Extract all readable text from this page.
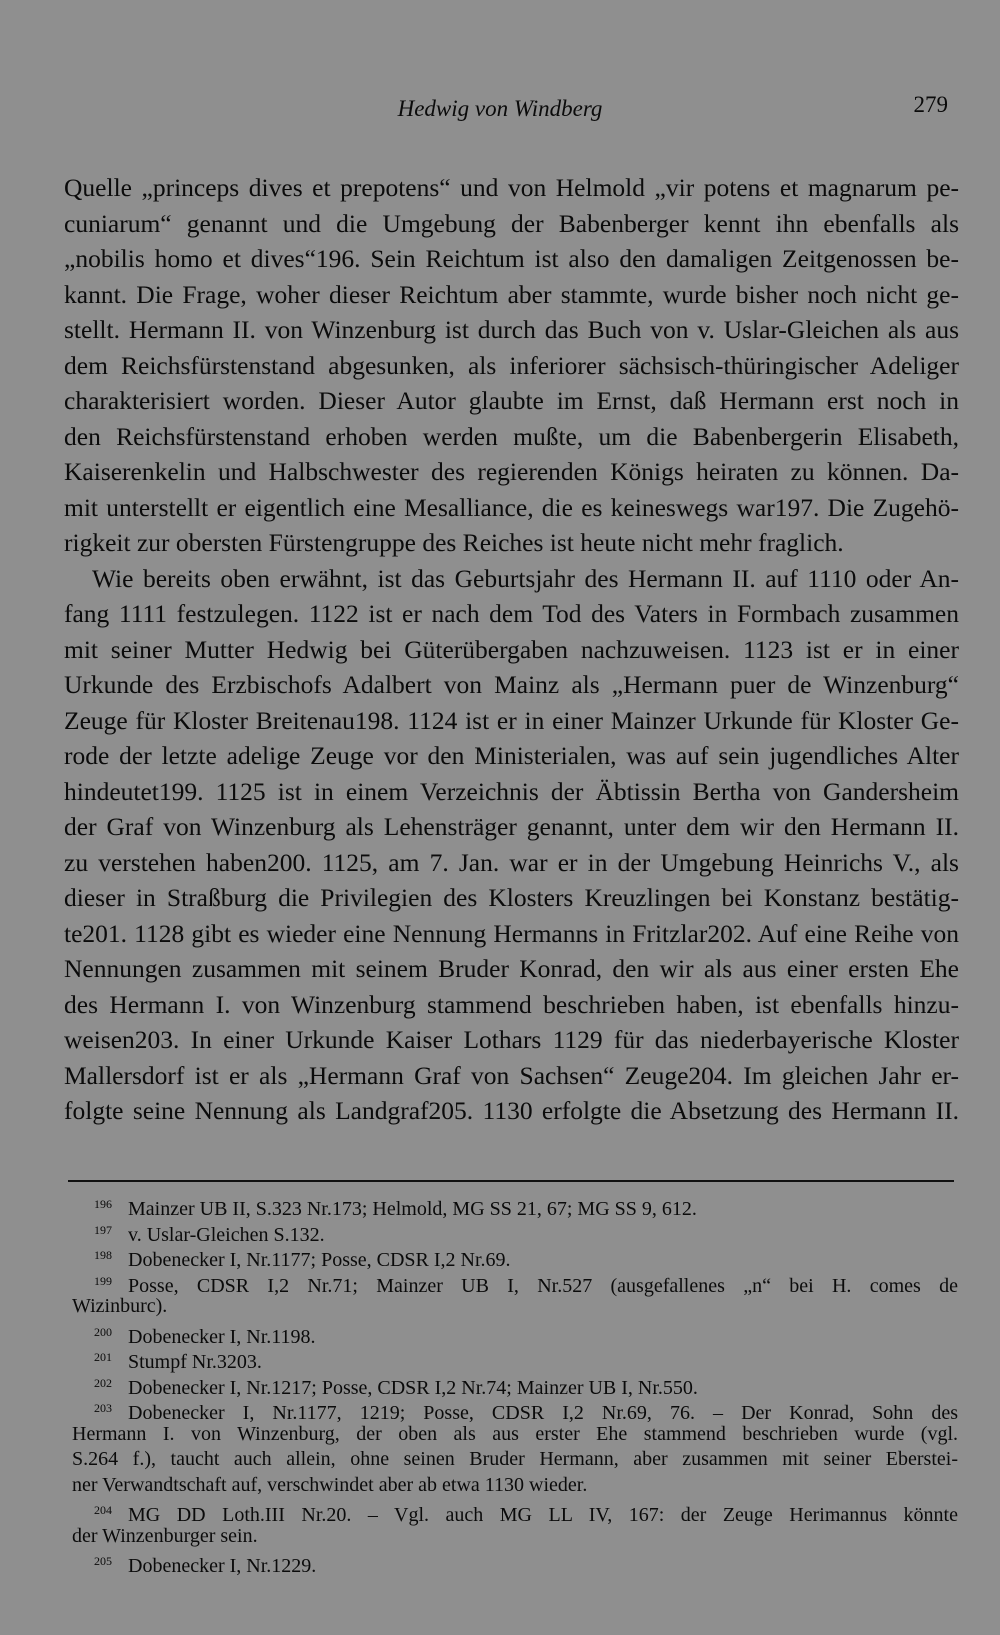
Hedwig von Windberg	279
Quelle „princeps dives et prepotens“ und von Helmold „vir potens et magnarum pe-
cuniarum“ genannt und die Umgebung der Babenberger kennt ihn ebenfalls als
„nobilis homo et dives“196. Sein Reichtum ist also den damaligen Zeitgenossen be-
kannt. Die Frage, woher dieser Reichtum aber stammte, wurde bisher noch nicht ge-
stellt. Hermann II. von Winzenburg ist durch das Buch von v. Uslar-Gleichen als aus
dem Reichsfürstenstand abgesunken, als inferiorer sächsisch-thüringischer Adeliger
charakterisiert worden. Dieser Autor glaubte im Ernst, daß Hermann erst noch in
den Reichsfürstenstand erhoben werden mußte, um die Babenbergerin Elisabeth,
Kaiserenkelin und Halbschwester des regierenden Königs heiraten zu können. Da-
mit unterstellt er eigentlich eine Mesalliance, die es keineswegs war197. Die Zugehö-
rigkeit zur obersten Fürstengruppe des Reiches ist heute nicht mehr fraglich.
Wie bereits oben erwähnt, ist das Geburtsjahr des Hermann II. auf 1110 oder An-
fang 1111 festzulegen. 1122 ist er nach dem Tod des Vaters in Formbach zusammen
mit seiner Mutter Hedwig bei Güterübergaben nachzuweisen. 1123 ist er in einer
Urkunde des Erzbischofs Adalbert von Mainz als „Hermann puer de Winzenburg“
Zeuge für Kloster Breitenau198. 1124 ist er in einer Mainzer Urkunde für Kloster Ge-
rode der letzte adelige Zeuge vor den Ministerialen, was auf sein jugendliches Alter
hindeutet199. 1125 ist in einem Verzeichnis der Äbtissin Bertha von Gandersheim
der Graf von Winzenburg als Lehensträger genannt, unter dem wir den Hermann II.
zu verstehen haben200. 1125, am 7. Jan. war er in der Umgebung Heinrichs V., als
dieser in Straßburg die Privilegien des Klosters Kreuzlingen bei Konstanz bestätig-
te201. 1128 gibt es wieder eine Nennung Hermanns in Fritzlar202. Auf eine Reihe von
Nennungen zusammen mit seinem Bruder Konrad, den wir als aus einer ersten Ehe
des Hermann I. von Winzenburg stammend beschrieben haben, ist ebenfalls hinzu-
weisen203. In einer Urkunde Kaiser Lothars 1129 für das niederbayerische Kloster
Mallersdorf ist er als „Hermann Graf von Sachsen“ Zeuge204. Im gleichen Jahr er-
folgte seine Nennung als Landgraf205. 1130 erfolgte die Absetzung des Hermann II.
196 Mainzer UB II, S.323 Nr.173; Helmold, MG SS 21, 67; MG SS 9, 612.
197 v. Uslar-Gleichen S.132.
198 Dobenecker I, Nr.1177; Posse, CDSR I,2 Nr.69.
199 Posse, CDSR I,2 Nr.71; Mainzer UB I, Nr.527 (ausgefallenes „n“ bei H. comes de
Wizinburc).
200 Dobenecker I, Nr.1198.
201 Stumpf Nr.3203.
202 Dobenecker I, Nr.1217; Posse, CDSR I,2 Nr.74; Mainzer UB I, Nr.550.
203 Dobenecker I, Nr.1177, 1219; Posse, CDSR I,2 Nr.69, 76. – Der Konrad, Sohn des
Hermann I. von Winzenburg, der oben als aus erster Ehe stammend beschrieben wurde (vgl.
S.264 f.), taucht auch allein, ohne seinen Bruder Hermann, aber zusammen mit seiner Eberstei-
ner Verwandtschaft auf, verschwindet aber ab etwa 1130 wieder.
204 MG DD Loth.III Nr.20. – Vgl. auch MG LL IV, 167: der Zeuge Herimannus könnte
der Winzenburger sein.
205 Dobenecker I, Nr.1229.
